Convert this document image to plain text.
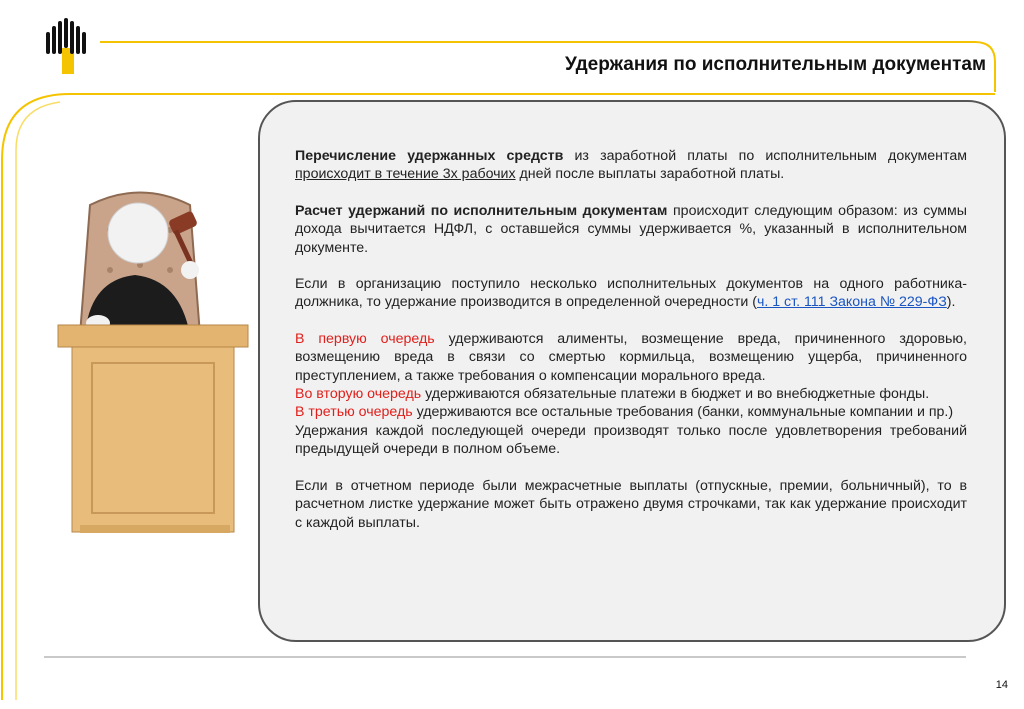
Удержания по исполнительным документам

Перечисление удержанных средств из заработной платы по исполнительным документам происходит в течение 3х рабочих дней после выплаты заработной платы.

Расчет удержаний по исполнительным документам происходит следующим образом: из суммы дохода вычитается НДФЛ, с оставшейся суммы удерживается %, указанный в исполнительном документе.

Если в организацию поступило несколько исполнительных документов на одного работника-должника, то удержание производится в определенной очередности (ч. 1 ст. 111 Закона № 229-ФЗ).

В первую очередь удерживаются алименты, возмещение вреда, причиненного здоровью, возмещению вреда в связи со смертью кормильца, возмещению ущерба, причиненного преступлением, а также требования о компенсации морального вреда.

Во вторую очередь удерживаются обязательные платежи в бюджет и во внебюджетные фонды.

В третью очередь удерживаются все остальные требования (банки, коммунальные компании и пр.)

Удержания каждой последующей очереди производят только после удовлетворения требований предыдущей очереди в полном объеме.

Если в отчетном периоде были межрасчетные выплаты (отпускные, премии, больничный), то в расчетном листке удержание может быть отражено двумя строчками, так как удержание происходит с каждой выплаты.

14
